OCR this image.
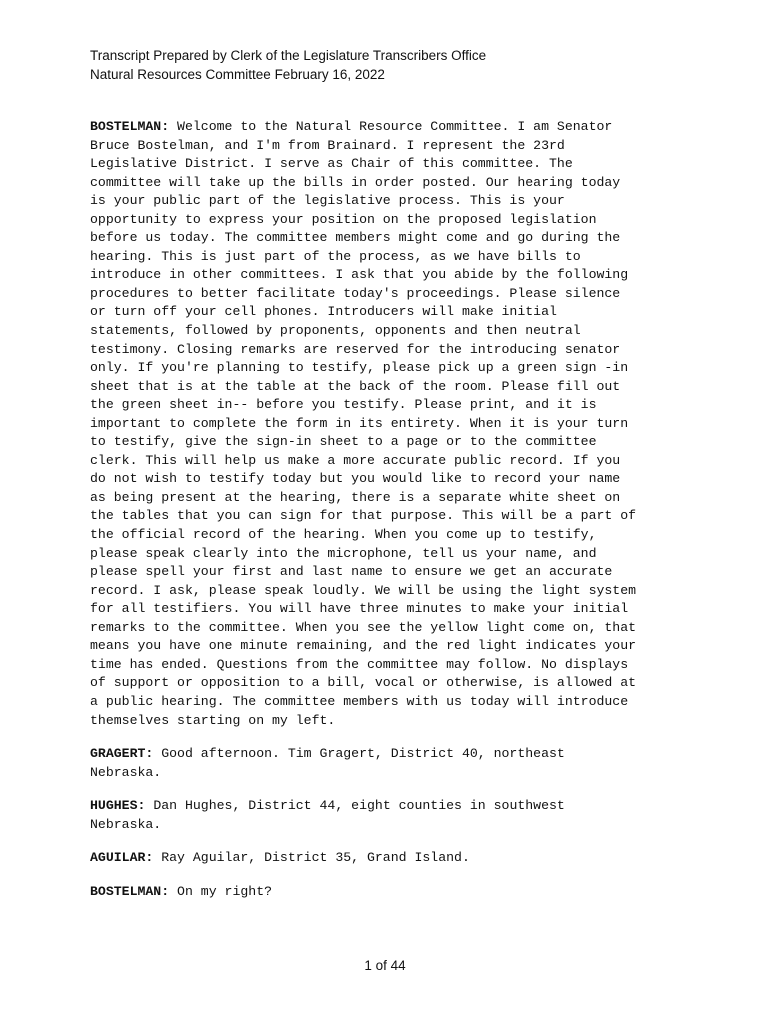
Transcript Prepared by Clerk of the Legislature Transcribers Office
Natural Resources Committee February 16, 2022
BOSTELMAN: Welcome to the Natural Resource Committee. I am Senator
Bruce Bostelman, and I'm from Brainard. I represent the 23rd
Legislative District. I serve as Chair of this committee. The
committee will take up the bills in order posted. Our hearing today
is your public part of the legislative process. This is your
opportunity to express your position on the proposed legislation
before us today. The committee members might come and go during the
hearing. This is just part of the process, as we have bills to
introduce in other committees. I ask that you abide by the following
procedures to better facilitate today's proceedings. Please silence
or turn off your cell phones. Introducers will make initial
statements, followed by proponents, opponents and then neutral
testimony. Closing remarks are reserved for the introducing senator
only. If you're planning to testify, please pick up a green sign -in
sheet that is at the table at the back of the room. Please fill out
the green sheet in-- before you testify. Please print, and it is
important to complete the form in its entirety. When it is your turn
to testify, give the sign-in sheet to a page or to the committee
clerk. This will help us make a more accurate public record. If you
do not wish to testify today but you would like to record your name
as being present at the hearing, there is a separate white sheet on
the tables that you can sign for that purpose. This will be a part of
the official record of the hearing. When you come up to testify,
please speak clearly into the microphone, tell us your name, and
please spell your first and last name to ensure we get an accurate
record. I ask, please speak loudly. We will be using the light system
for all testifiers. You will have three minutes to make your initial
remarks to the committee. When you see the yellow light come on, that
means you have one minute remaining, and the red light indicates your
time has ended. Questions from the committee may follow. No displays
of support or opposition to a bill, vocal or otherwise, is allowed at
a public hearing. The committee members with us today will introduce
themselves starting on my left.
GRAGERT: Good afternoon. Tim Gragert, District 40, northeast
Nebraska.
HUGHES: Dan Hughes, District 44, eight counties in southwest
Nebraska.
AGUILAR: Ray Aguilar, District 35, Grand Island.
BOSTELMAN: On my right?
1 of 44
